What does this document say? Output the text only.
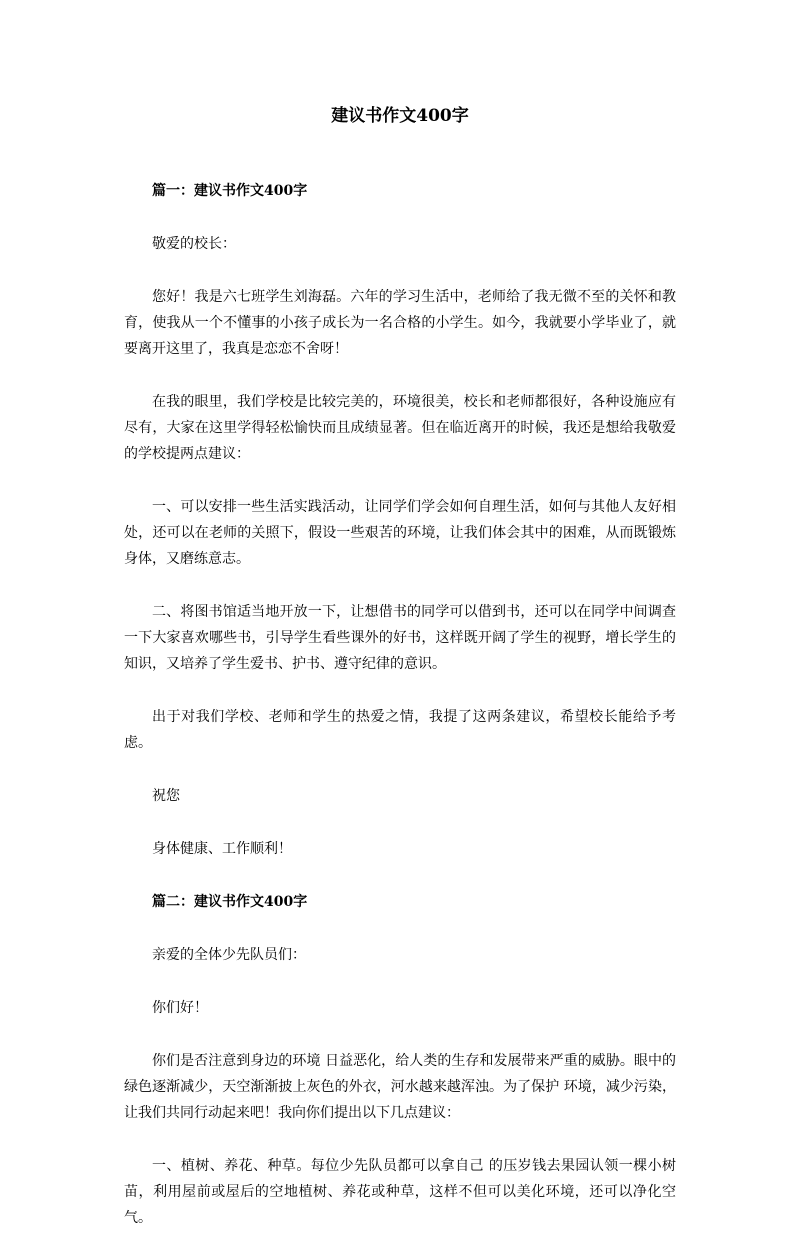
建议书作文400字

篇一：建议书作文400字

敬爱的校长：

您好！我是六七班学生刘海磊。六年的学习生活中，老师给了我无微不至的关怀和教育，使我从一个不懂事的小孩子成长为一名合格的小学生。如今，我就要小学毕业了，就要离开这里了，我真是恋恋不舍呀！

在我的眼里，我们学校是比较完美的，环境很美，校长和老师都很好，各种设施应有尽有，大家在这里学得轻松愉快而且成绩显著。但在临近离开的时候，我还是想给我敬爱的学校提两点建议：

一、可以安排一些生活实践活动，让同学们学会如何自理生活，如何与其他人友好相处，还可以在老师的关照下，假设一些艰苦的环境，让我们体会其中的困难，从而既锻炼身体，又磨练意志。

二、将图书馆适当地开放一下，让想借书的同学可以借到书，还可以在同学中间调查一下大家喜欢哪些书，引导学生看些课外的好书，这样既开阔了学生的视野，增长学生的知识，又培养了学生爱书、护书、遵守纪律的意识。

出于对我们学校、老师和学生的热爱之情，我提了这两条建议，希望校长能给予考虑。

祝您

身体健康、工作顺利！

篇二：建议书作文400字

亲爱的全体少先队员们：

你们好！

你们是否注意到身边的环境 日益恶化，给人类的生存和发展带来严重的威胁。眼中的绿色逐渐减少，天空渐渐披上灰色的外衣，河水越来越浑浊。为了保护 环境，减少污染，让我们共同行动起来吧！我向你们提出以下几点建议：

一、植树、养花、种草。每位少先队员都可以拿自己 的压岁钱去果园认领一棵小树苗，利用屋前或屋后的空地植树、养花或种草，这样不但可以美化环境，还可以净化空气。
